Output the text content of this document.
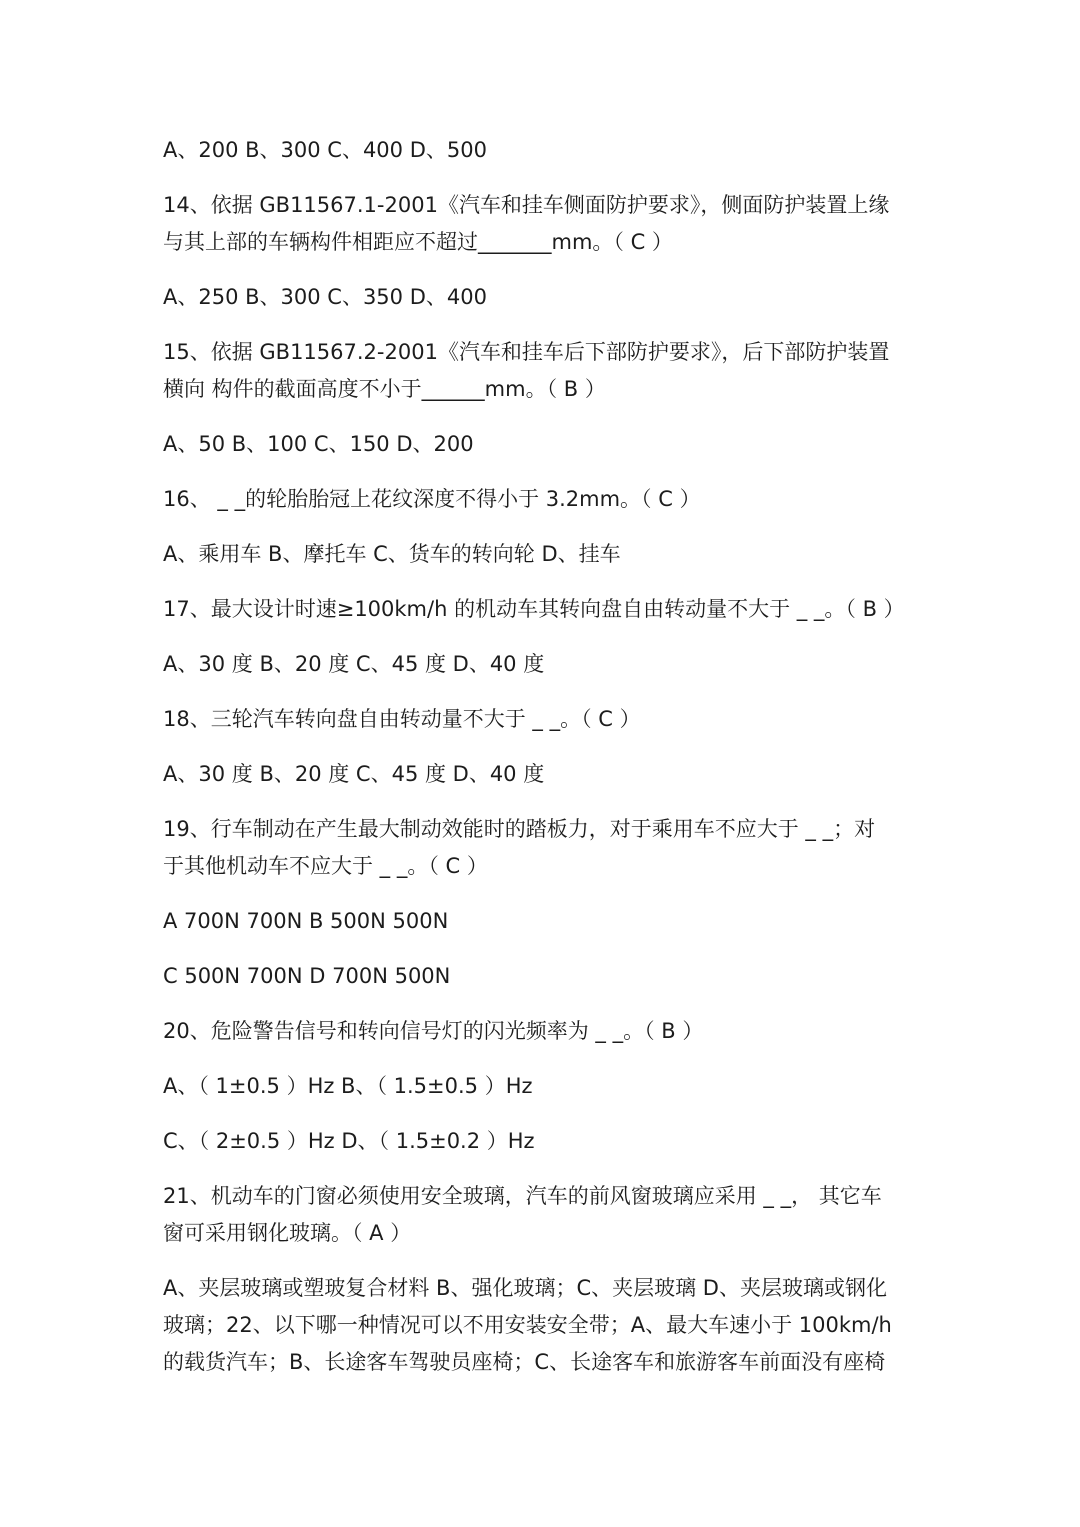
A、200 B、300 C、400 D、500
14、依据 GB11567.1-2001《汽车和挂车侧面防护要求》，侧面防护装置上缘
与其上部的车辆构件相距应不超过_______mm。（ C ）
A、250 B、300 C、350 D、400
15、依据 GB11567.2-2001《汽车和挂车后下部防护要求》，后下部防护装置
横向 构件的截面高度不小于______mm。（ B ）
A、50 B、100 C、150 D、200
16、 _ _的轮胎胎冠上花纹深度不得小于 3.2mm。（ C ）
A、乘用车 B、摩托车 C、货车的转向轮 D、挂车
17、最大设计时速≥100km/h 的机动车其转向盘自由转动量不大于 _ _。（ B ）
A、30 度 B、20 度 C、45 度 D、40 度
18、三轮汽车转向盘自由转动量不大于 _ _。（ C ）
A、30 度 B、20 度 C、45 度 D、40 度
19、行车制动在产生最大制动效能时的踏板力，对于乘用车不应大于 _ _；对
于其他机动车不应大于 _ _。（ C ）
A 700N 700N B 500N 500N
C 500N 700N D 700N 500N
20、危险警告信号和转向信号灯的闪光频率为 _ _。（ B ）
A、（ 1±0.5 ）Hz B、（ 1.5±0.5 ）Hz
C、（ 2±0.5 ）Hz D、（ 1.5±0.2 ）Hz
21、机动车的门窗必须使用安全玻璃，汽车的前风窗玻璃应采用 _ _， 其它车
窗可采用钢化玻璃。（ A ）
A、夹层玻璃或塑玻复合材料 B、强化玻璃；C、夹层玻璃 D、夹层玻璃或钢化
玻璃；22、以下哪一种情况可以不用安装安全带；A、最大车速小于 100km/h
的载货汽车；B、长途客车驾驶员座椅；C、长途客车和旅游客车前面没有座椅
